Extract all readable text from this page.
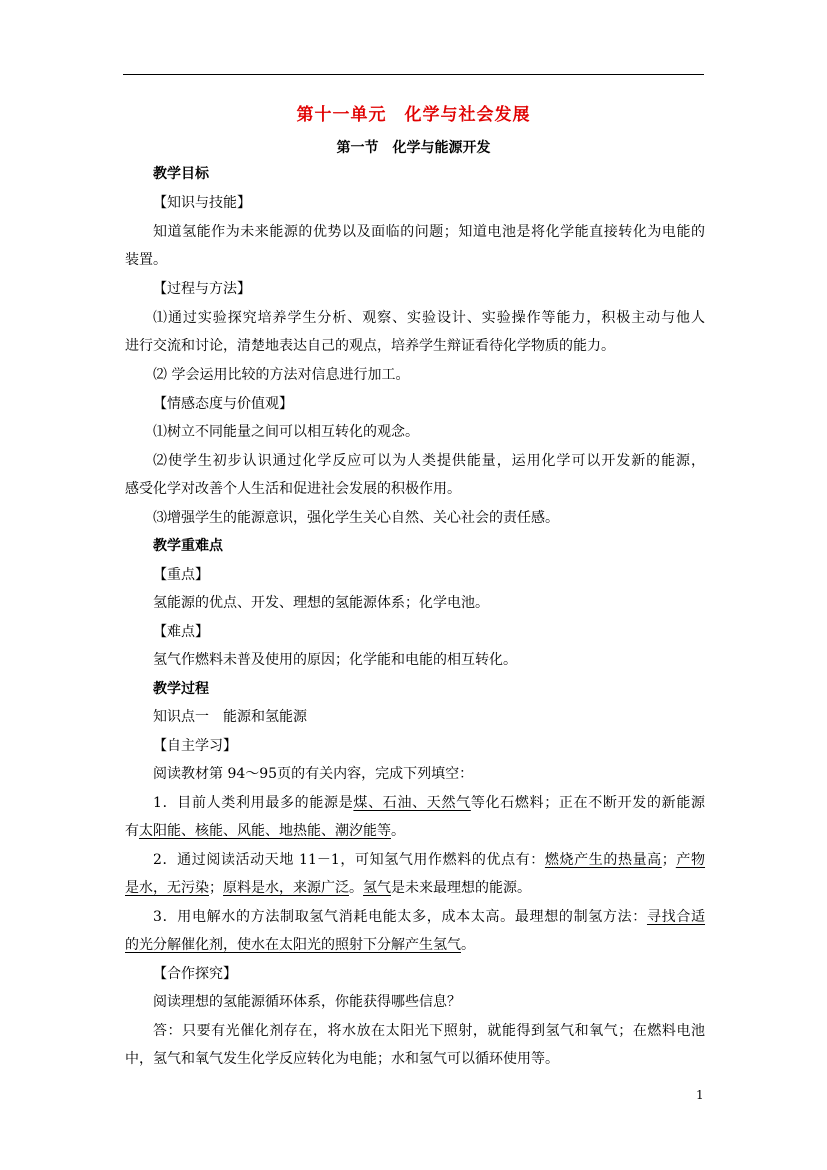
第十一单元　化学与社会发展
第一节　化学与能源开发
教学目标
【知识与技能】
知道氢能作为未来能源的优势以及面临的问题；知道电池是将化学能直接转化为电能的
装置。
【过程与方法】
⑴通过实验探究培养学生分析、观察、实验设计、实验操作等能力，积极主动与他人
进行交流和讨论，清楚地表达自己的观点，培养学生辩证看待化学物质的能力。
⑵ 学会运用比较的方法对信息进行加工。
【情感态度与价值观】
⑴树立不同能量之间可以相互转化的观念。
⑵使学生初步认识通过化学反应可以为人类提供能量，运用化学可以开发新的能源，
感受化学对改善个人生活和促进社会发展的积极作用。
⑶增强学生的能源意识，强化学生关心自然、关心社会的责任感。
教学重难点
【重点】
氢能源的优点、开发、理想的氢能源体系；化学电池。
【难点】
氢气作燃料未普及使用的原因；化学能和电能的相互转化。
教学过程
知识点一　能源和氢能源
【自主学习】
阅读教材第 94～95页的有关内容，完成下列填空：
1．目前人类利用最多的能源是煤、石油、天然气等化石燃料；正在不断开发的新能源
有太阳能、核能、风能、地热能、潮汐能等。
2．通过阅读活动天地 11－1，可知氢气用作燃料的优点有：燃烧产生的热量高；产物
是水，无污染；原料是水，来源广泛。氢气是未来最理想的能源。
3．用电解水的方法制取氢气消耗电能太多，成本太高。最理想的制氢方法：寻找合适
的光分解催化剂，使水在太阳光的照射下分解产生氢气。
【合作探究】
阅读理想的氢能源循环体系，你能获得哪些信息？
答：只要有光催化剂存在，将水放在太阳光下照射，就能得到氢气和氧气；在燃料电池
中，氢气和氧气发生化学反应转化为电能；水和氢气可以循环使用等。
1
